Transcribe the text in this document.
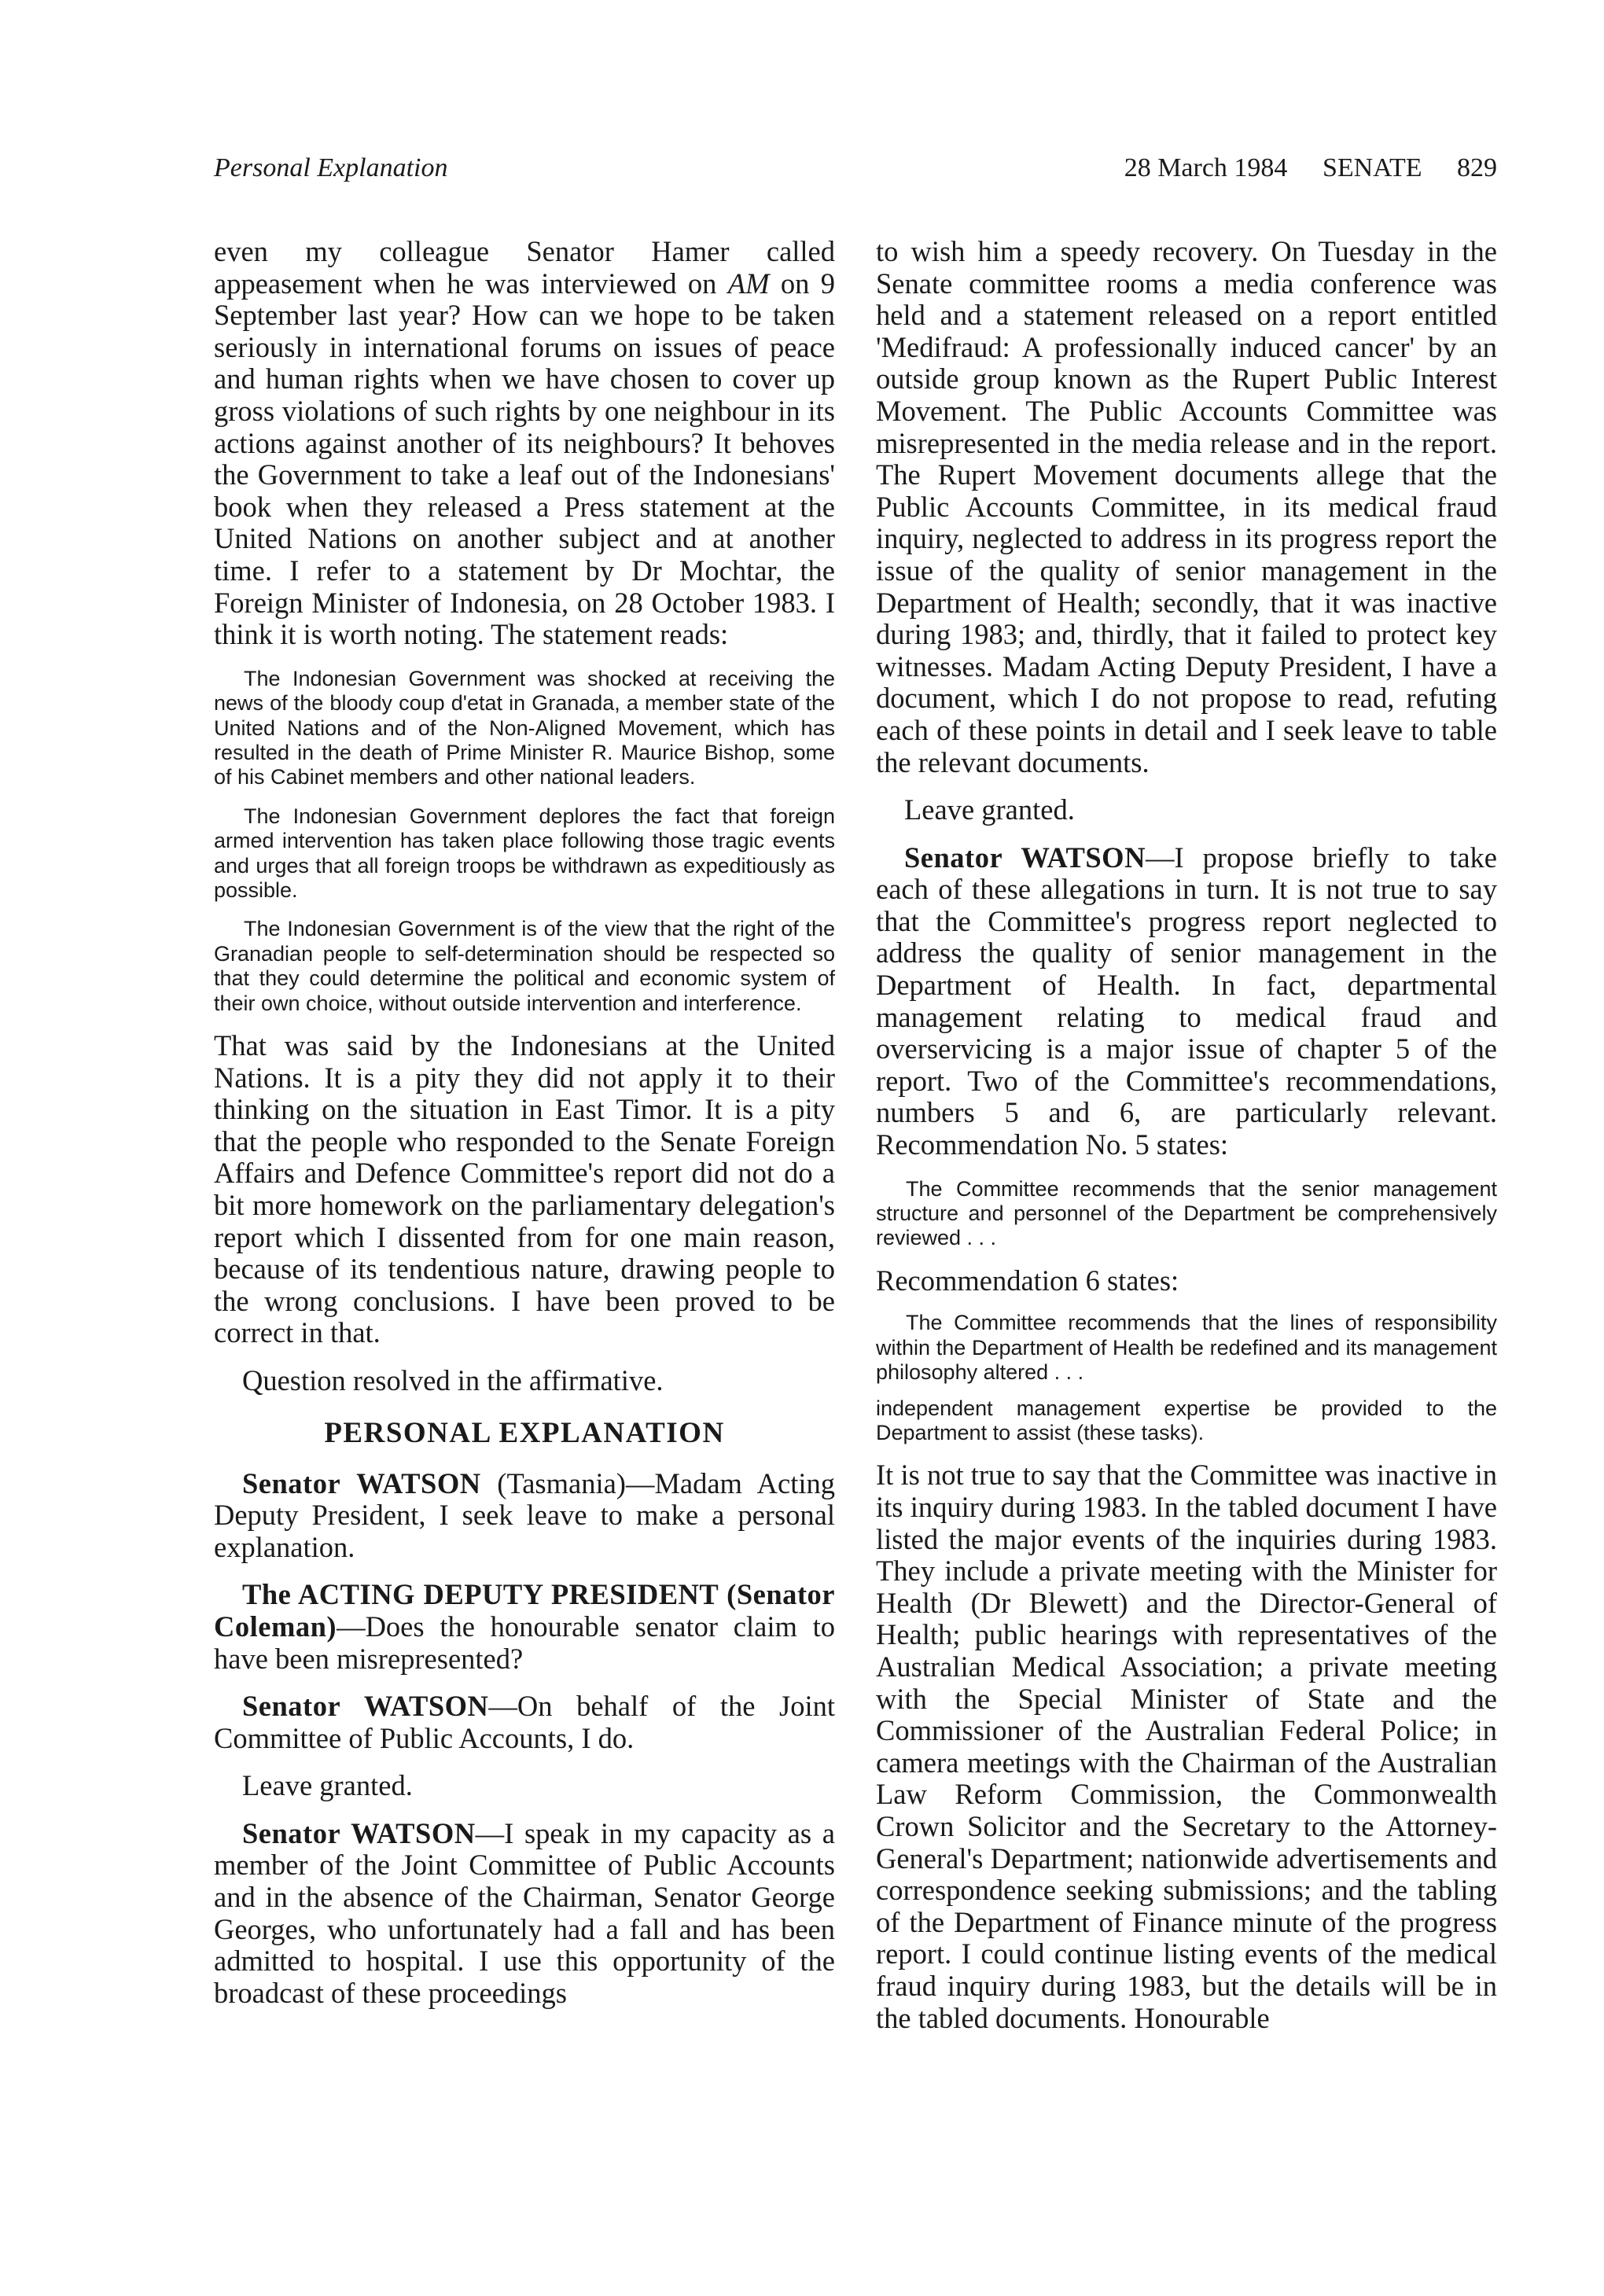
Personal Explanation	28 March 1984 SENATE 829

even my colleague Senator Hamer called appeasement when he was interviewed on AM on 9 September last year? How can we hope to be taken seriously in international forums on issues of peace and human rights when we have chosen to cover up gross violations of such rights by one neighbour in its actions against another of its neighbours? It behoves the Government to take a leaf out of the Indonesians' book when they released a Press statement at the United Nations on another subject and at another time. I refer to a statement by Dr Mochtar, the Foreign Minister of Indonesia, on 28 October 1983. I think it is worth noting. The statement reads:

The Indonesian Government was shocked at receiving the news of the bloody coup d'etat in Granada, a member state of the United Nations and of the Non-Aligned Movement, which has resulted in the death of Prime Minister R. Maurice Bishop, some of his Cabinet members and other national leaders.
The Indonesian Government deplores the fact that foreign armed intervention has taken place following those tragic events and urges that all foreign troops be withdrawn as expeditiously as possible.
The Indonesian Government is of the view that the right of the Granadian people to self-determination should be respected so that they could determine the political and economic system of their own choice, without outside intervention and interference.

That was said by the Indonesians at the United Nations. It is a pity they did not apply it to their thinking on the situation in East Timor. It is a pity that the people who responded to the Senate Foreign Affairs and Defence Committee's report did not do a bit more homework on the parliamentary delegation's report which I dissented from for one main reason, because of its tendentious nature, drawing people to the wrong conclusions. I have been proved to be correct in that.

Question resolved in the affirmative.

PERSONAL EXPLANATION

Senator WATSON (Tasmania)—Madam Acting Deputy President, I seek leave to make a personal explanation.

The ACTING DEPUTY PRESIDENT (Senator Coleman)—Does the honourable senator claim to have been misrepresented?

Senator WATSON—On behalf of the Joint Committee of Public Accounts, I do.

Leave granted.

Senator WATSON—I speak in my capacity as a member of the Joint Committee of Public Accounts and in the absence of the Chairman, Senator George Georges, who unfortunately had a fall and has been admitted to hospital. I use this opportunity of the broadcast of these proceedings

to wish him a speedy recovery. On Tuesday in the Senate committee rooms a media conference was held and a statement released on a report entitled 'Medifraud: A professionally induced cancer' by an outside group known as the Rupert Public Interest Movement. The Public Accounts Committee was misrepresented in the media release and in the report. The Rupert Movement documents allege that the Public Accounts Committee, in its medical fraud inquiry, neglected to address in its progress report the issue of the quality of senior management in the Department of Health; secondly, that it was inactive during 1983; and, thirdly, that it failed to protect key witnesses. Madam Acting Deputy President, I have a document, which I do not propose to read, refuting each of these points in detail and I seek leave to table the relevant documents.

Leave granted.

Senator WATSON—I propose briefly to take each of these allegations in turn. It is not true to say that the Committee's progress report neglected to address the quality of senior management in the Department of Health. In fact, departmental management relating to medical fraud and overservicing is a major issue of chapter 5 of the report. Two of the Committee's recommendations, numbers 5 and 6, are particularly relevant. Recommendation No. 5 states:

The Committee recommends that the senior management structure and personnel of the Department be comprehensively reviewed . . .

Recommendation 6 states:

The Committee recommends that the lines of responsibility within the Department of Health be redefined and its management philosophy altered . . .
independent management expertise be provided to the Department to assist (these tasks).

It is not true to say that the Committee was inactive in its inquiry during 1983. In the tabled document I have listed the major events of the inquiries during 1983. They include a private meeting with the Minister for Health (Dr Blewett) and the Director-General of Health; public hearings with representatives of the Australian Medical Association; a private meeting with the Special Minister of State and the Commissioner of the Australian Federal Police; in camera meetings with the Chairman of the Australian Law Reform Commission, the Commonwealth Crown Solicitor and the Secretary to the Attorney-General's Department; nationwide advertisements and correspondence seeking submissions; and the tabling of the Department of Finance minute of the progress report. I could continue listing events of the medical fraud inquiry during 1983, but the details will be in the tabled documents. Honourable
